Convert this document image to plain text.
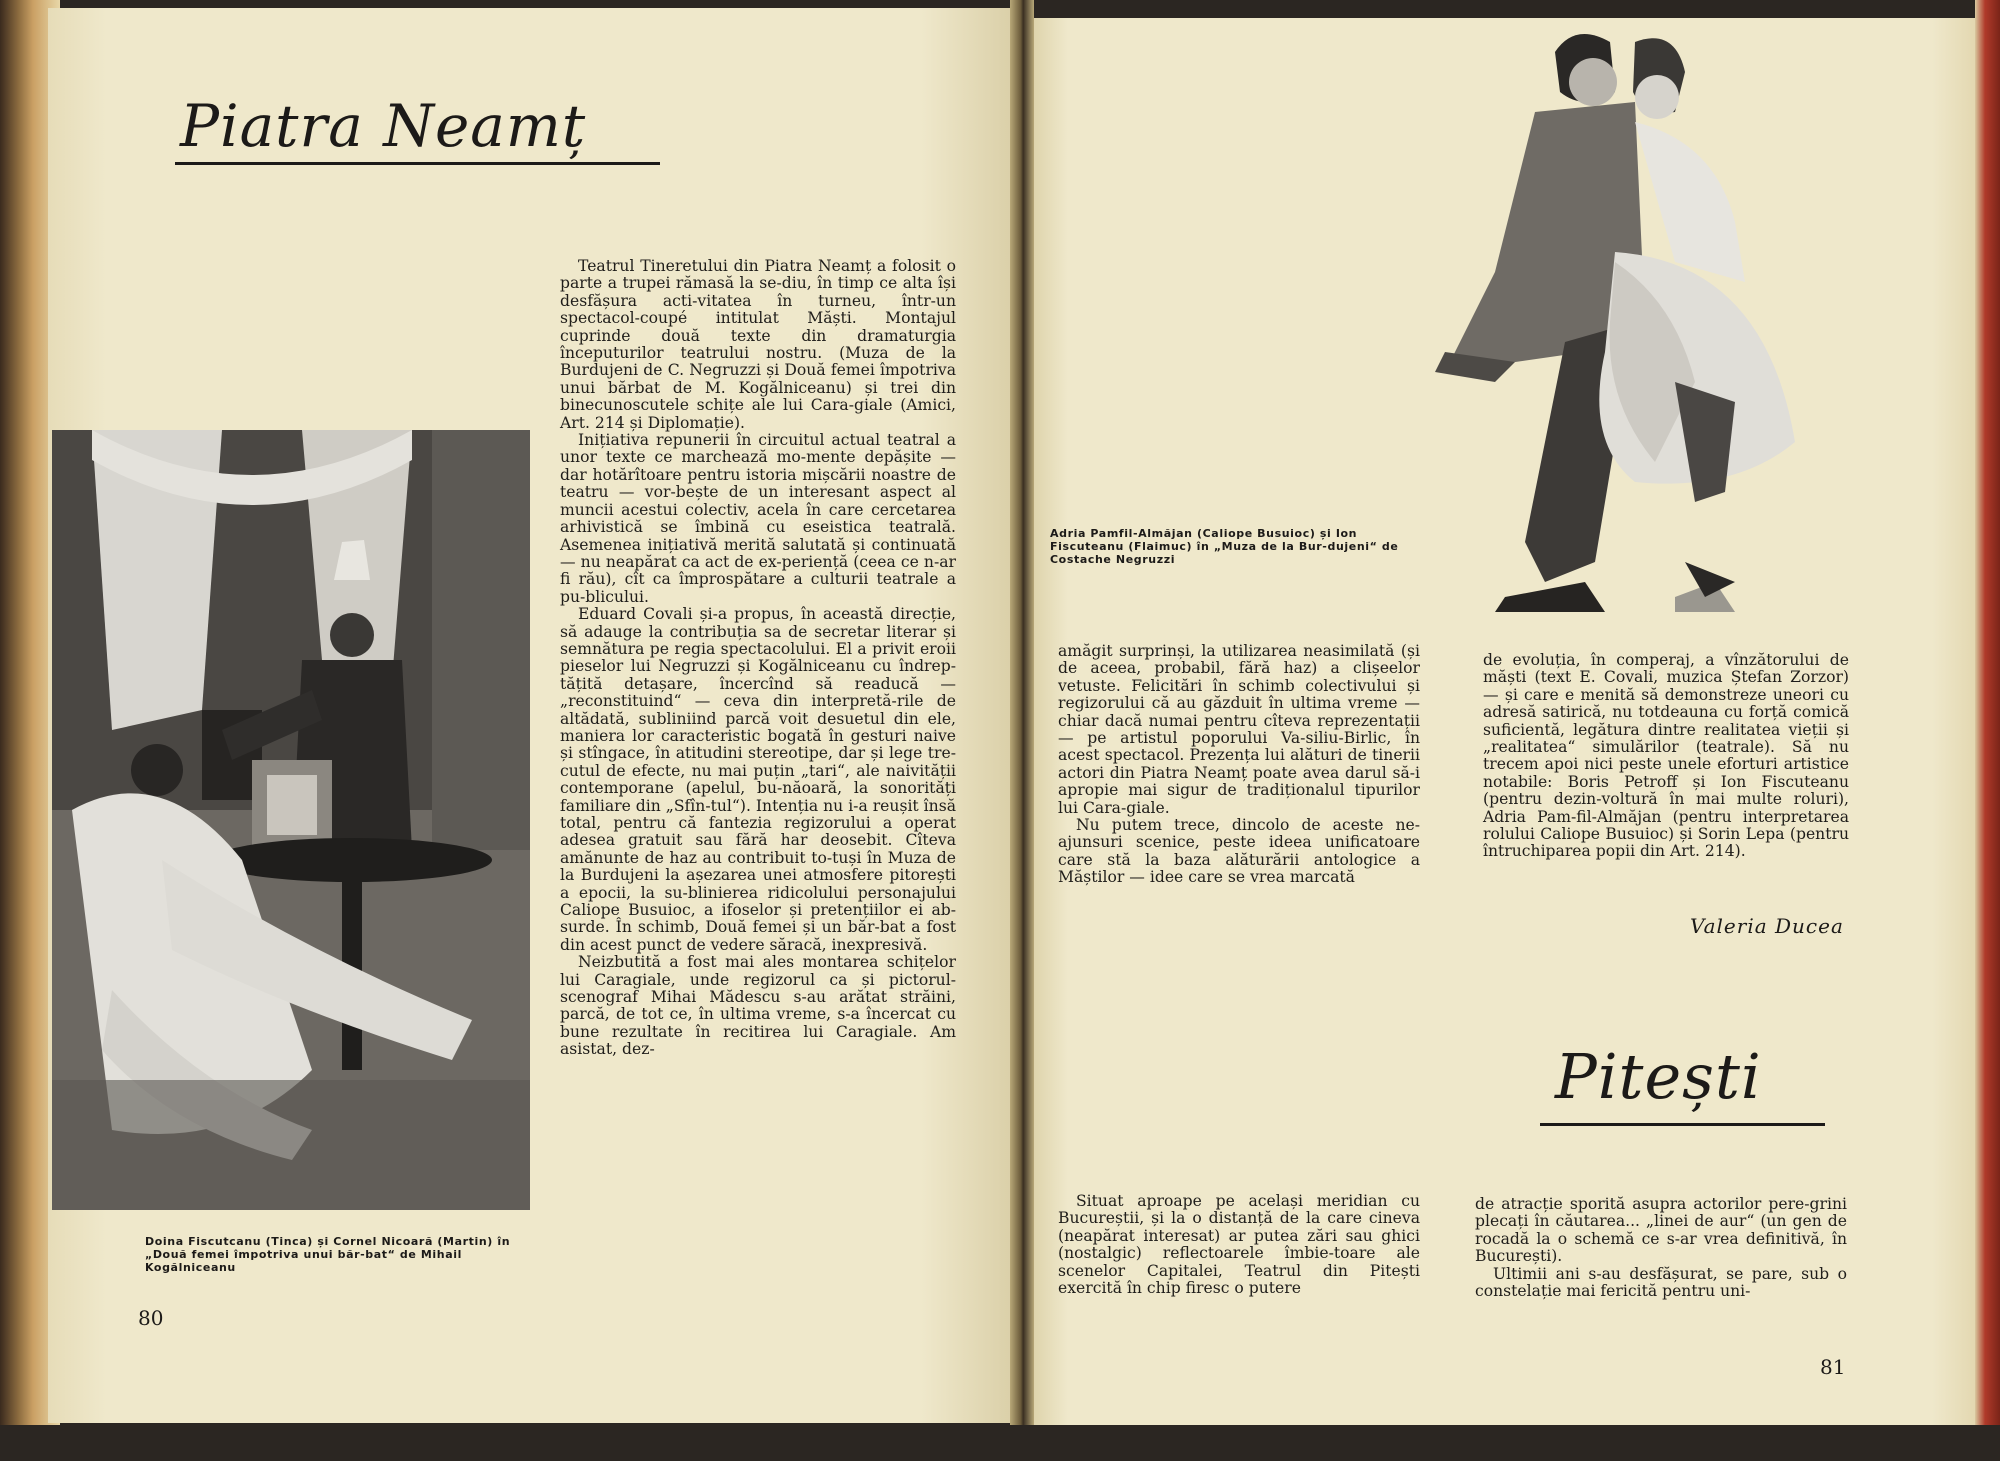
Piatra Neamț
Doina Fiscutcanu (Tinca) și Cornel Nicoară (Martin) în „Două femei împotriva unui băr-bat“ de Mihail Kogălniceanu
80

Teatrul Tineretului din Piatra Neamț a folosit o parte a trupei rămasă la se-diu, în timp ce alta își desfășura acti-vitatea în turneu, într-un spectacol-coupé intitulat Măști. Montajul cuprinde două texte din dramaturgia începuturilor teatrului nostru. (Muza de la Burdujeni de C. Negruzzi și Două femei împotriva unui bărbat de M. Kogălniceanu) și trei din binecunoscutele schițe ale lui Cara-giale (Amici, Art. 214 și Diplomație).

Inițiativa repunerii în circuitul actual teatral a unor texte ce marchează mo-mente depășite — dar hotărîtoare pentru istoria mișcării noastre de teatru — vor-bește de un interesant aspect al muncii acestui colectiv, acela în care cercetarea arhivistică se îmbină cu eseistica teatrală. Asemenea inițiativă merită salutată și continuată — nu neapărat ca act de ex-periență (ceea ce n-ar fi rău), cît ca împrospătare a culturii teatrale a pu-blicului.

Eduard Covali și-a propus, în această direcție, să adauge la contribuția sa de secretar literar și semnătura pe regia spectacolului. El a privit eroii pieselor lui Negruzzi și Kogălniceanu cu îndrep-tățită detașare, încercînd să readucă — „reconstituind“ — ceva din interpretă-rile de altădată, subliniind parcă voit desuetul din ele, maniera lor caracteristic bogată în gesturi naive și stîngace, în atitudini stereotipe, dar și lege tre-cutul de efecte, nu mai puțin „tari“, ale naivității contemporane (apelul, bu-năoară, la sonorități familiare din „Sfîn-tul“). Intenția nu i-a reușit însă total, pentru că fantezia regizorului a operat adesea gratuit sau fără har deosebit. Cîteva amănunte de haz au contribuit to-tuși în Muza de la Burdujeni la așezarea unei atmosfere pitorești a epocii, la su-blinierea ridicolului personajului Caliope Busuioc, a ifoselor și pretențiilor ei ab-surde. În schimb, Două femei și un băr-bat a fost din acest punct de vedere săracă, inexpresivă.

Neizbutită a fost mai ales montarea schițelor lui Caragiale, unde regizorul ca și pictorul-scenograf Mihai Mădescu s-au arătat străini, parcă, de tot ce, în ultima vreme, s-a încercat cu bune rezultate în recitirea lui Caragiale. Am asistat, dez-

Adria Pamfil-Almăjan (Caliope Busuioc) și Ion Fiscuteanu (Flaimuc) în „Muza de la Bur-dujeni“ de Costache Negruzzi

amăgit surprinși, la utilizarea neasimilată (și de aceea, probabil, fără haz) a clișeelor vetuste. Felicitări în schimb colectivului și regizorului că au găzduit în ultima vreme — chiar dacă numai pentru cîteva reprezentații — pe artistul poporului Va-siliu-Birlic, în acest spectacol. Prezența lui alături de tinerii actori din Piatra Neamț poate avea darul să-i apropie mai sigur de tradiționalul tipurilor lui Cara-giale.

Nu putem trece, dincolo de aceste ne-ajunsuri scenice, peste ideea unificatoare care stă la baza alăturării antologice a Măștilor — idee care se vrea marcată

de evoluția, în comperaj, a vînzătorului de măști (text E. Covali, muzica Ștefan Zorzor) — și care e menită să demonstreze uneori cu adresă satirică, nu totdeauna cu forță comică suficientă, legătura dintre realitatea vieții și „realitatea“ simulărilor (teatrale). Să nu trecem apoi nici peste unele eforturi artistice notabile: Boris Petroff și Ion Fiscuteanu (pentru dezin-voltură în mai multe roluri), Adria Pam-fil-Almăjan (pentru interpretarea rolului Caliope Busuioc) și Sorin Lepa (pentru întruchiparea popii din Art. 214).

Valeria Ducea
Pitești

Situat aproape pe același meridian cu Bucureștii, și la o distanță de la care cineva (neapărat interesat) ar putea zări sau ghici (nostalgic) reflectoarele îmbie-toare ale scenelor Capitalei, Teatrul din Pitești exercită în chip firesc o putere

de atracție sporită asupra actorilor pere-grini plecați în căutarea... „linei de aur“ (un gen de rocadă la o schemă ce s-ar vrea definitivă, în București).

Ultimii ani s-au desfășurat, se pare, sub o constelație mai fericită pentru uni-

81
